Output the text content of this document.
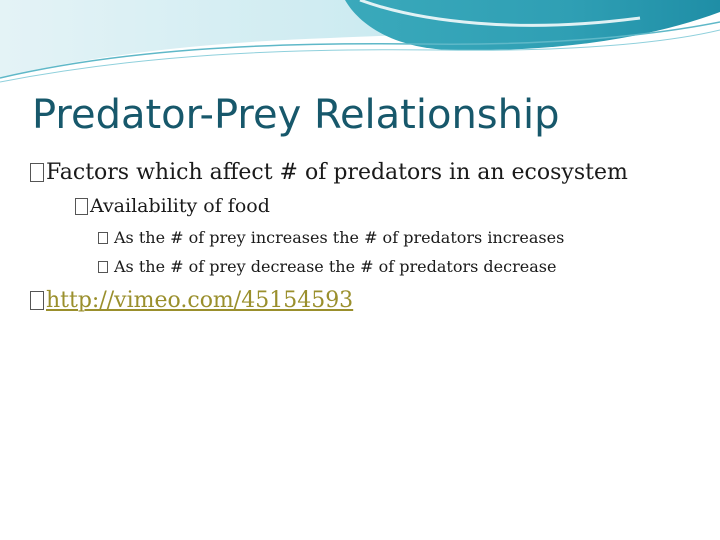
Predator-Prey Relationship
Factors which affect # of predators in an ecosystem
Availability of food
As the # of prey increases the # of predators increases
As the # of prey decrease the # of predators decrease
http://vimeo.com/45154593
